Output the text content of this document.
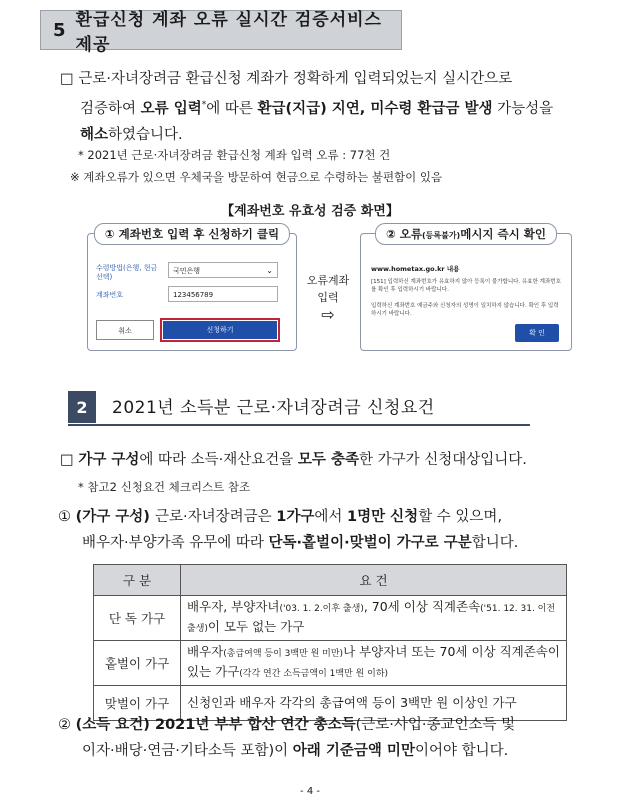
5 환급신청 계좌 오류 실시간 검증서비스 제공
□ 근로·자녀장려금 환급신청 계좌가 정확하게 입력되었는지 실시간으로
검증하여 오류 입력*에 따른 환급(지급) 지연, 미수령 환급금 발생 가능성을
해소하였습니다.
* 2021년 근로·자녀장려금 환급신청 계좌 입력 오류 : 77천 건
※ 계좌오류가 있으면 우체국을 방문하여 현금으로 수령하는 불편함이 있음
【계좌번호 유효성 검증 화면】
① 계좌번호 입력 후 신청하기 클릭
수령방법(은행, 현금선택)
국민은행	⌄
계좌번호	123456789
취소	신청하기
오류계좌
입력
⇨
② 오류(등록불가)메시지 즉시 확인
www.hometax.go.kr 내용
[151] 입력하신 계좌번호가 유효하지 않아 등록이 불가합니다. 유효한 계좌번호를 확인 후 입력하시기 바랍니다.
입력하신 계좌번호 예금주와 신청자의 성명이 일치하지 않습니다. 확인 후 입력하시기 바랍니다.
확 인
2	2021년 소득분 근로·자녀장려금 신청요건
□ 가구 구성에 따라 소득·재산요건을 모두 충족한 가구가 신청대상입니다.
* 참고2 신청요건 체크리스트 참조
① (가구 구성) 근로·자녀장려금은 1가구에서 1명만 신청할 수 있으며,
배우자·부양가족 유무에 따라 단독·홑벌이·맞벌이 가구로 구분합니다.
구 분	요 건
단 독 가구	배우자, 부양자녀('03. 1. 2.이후 출생), 70세 이상 직계존속('51. 12. 31. 이전 출생)이 모두 없는 가구
홑벌이 가구	배우자(총급여액 등이 3백만 원 미만)나 부양자녀 또는 70세 이상 직계존속이 있는 가구(각각 연간 소득금액이 1백만 원 이하)
맞벌이 가구	신청인과 배우자 각각의 총급여액 등이 3백만 원 이상인 가구
② (소득 요건) 2021년 부부 합산 연간 총소득(근로·사업·종교인소득 및
이자·배당·연금·기타소득 포함)이 아래 기준금액 미만이어야 합니다.
- 4 -
